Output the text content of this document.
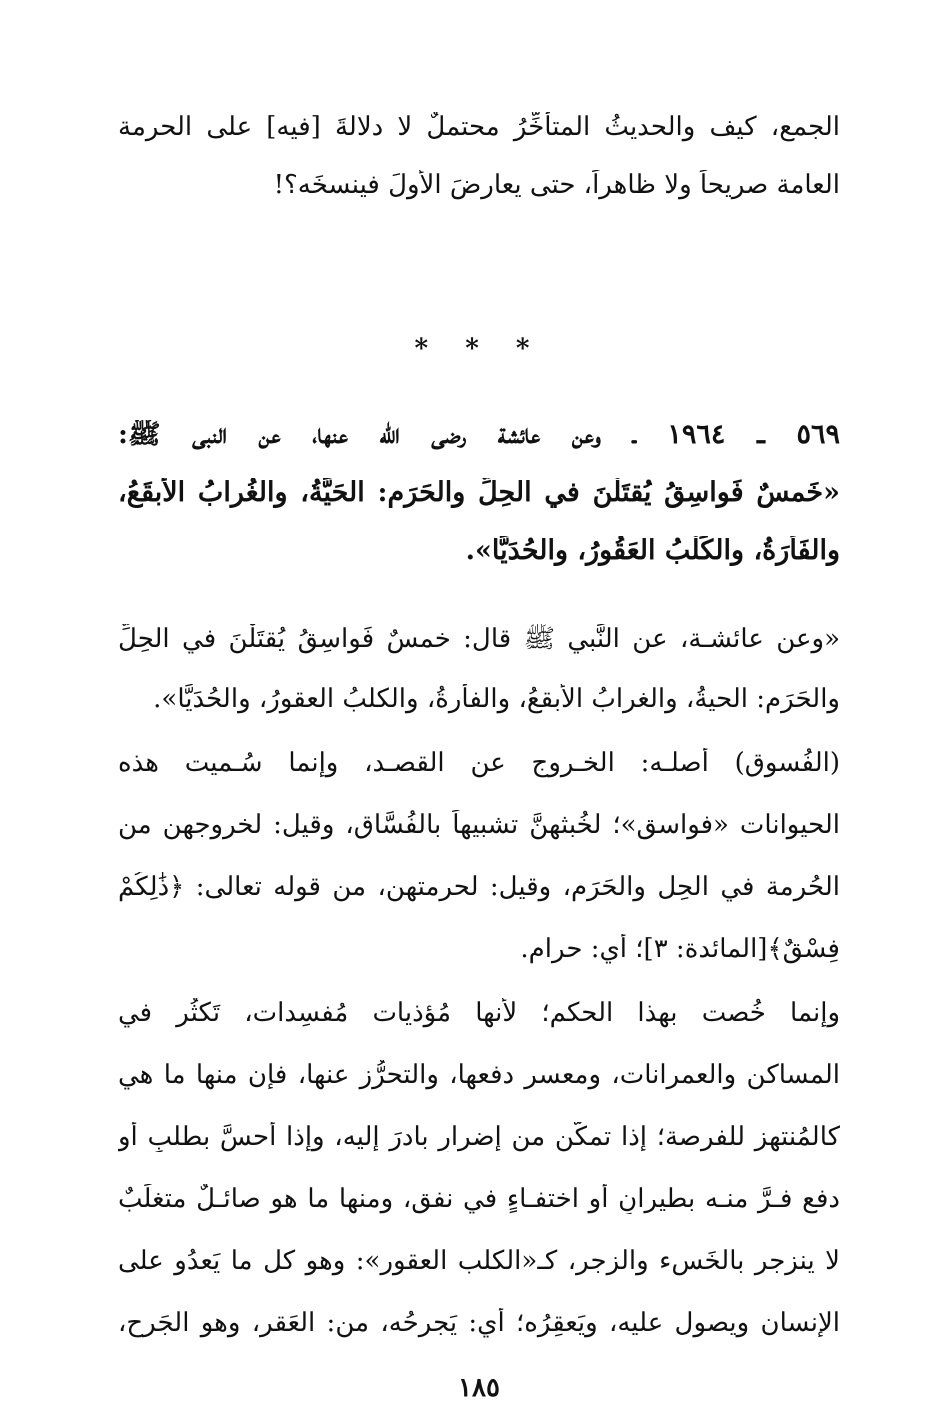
الجمع، كيف والحديثُ المتأخِّرُ محتملٌ لا دلالةَ [فيه] على الحرمة
العامة صريحاً ولا ظاهراً، حتى يعارضَ الأولَ فينسخَه؟!
* * *
٥٦٩ ـ ١٩٦٤ ـ وعن عائشة رضي الله عنها، عن النبي ﷺ:
«خَمسٌ فَواسِقُ يُقتَلْنَ في الحِلِّ والحَرَمِ: الحَيَّةُ، والغُرابُ الأَبقَعُ،
والفَأْرَةُ، والكَلْبُ العَقُورُ، والحُدَيَّا».
«وعن عائشـة، عن النَّبي ﷺ قال: خمسٌ فَواسِقُ يُقتَلْنَ في الحِلِّ
والحَرَمِ: الحيةُ، والغرابُ الأبقعُ، والفأرةُ، والكلبُ العقورُ، والحُدَيَّا».
(الفُسوق) أصلـه: الخـروج عن القصـد، وإنما سُـميت هذه
الحيوانات «فواسق»؛ لخُبثهنَّ تشبيهاً بالفُسَّاق، وقيل: لخروجهن من
الحُرمة في الحِل والحَرَم، وقيل: لحرمتهن، من قوله تعالى: ﴿ذَٰلِكُمْ
فِسْقٌ﴾[المائدة: ٣]؛ أي: حرام.
وإنما خُصت بهذا الحكم؛ لأنها مُؤذيات مُفسِدات، تَكثُر في
المساكن والعمرانات، ومعسر دفعها، والتحرُّز عنها، فإن منها ما هي
كالمُنتهِز للفرصة؛ إذا تمكَّن من إضرارٍ بادرَ إليه، وإذا أحسَّ بطلبٍ أو
دفعٍ فـرَّ منـه بطيرانٍ أو اختفـاءٍ في نفقٍ، ومنها ما هو صائـلٌ متغلِّبٌ
لا ينزجر بالخَسء والزجر، كـ«الكلب العقور»: وهو كل ما يَعدُو على
الإنسان ويصول عليه، ويَعقِرُه؛ أي: يَجرحُه، من: العَقر، وهو الجَرح،
١٨٥
